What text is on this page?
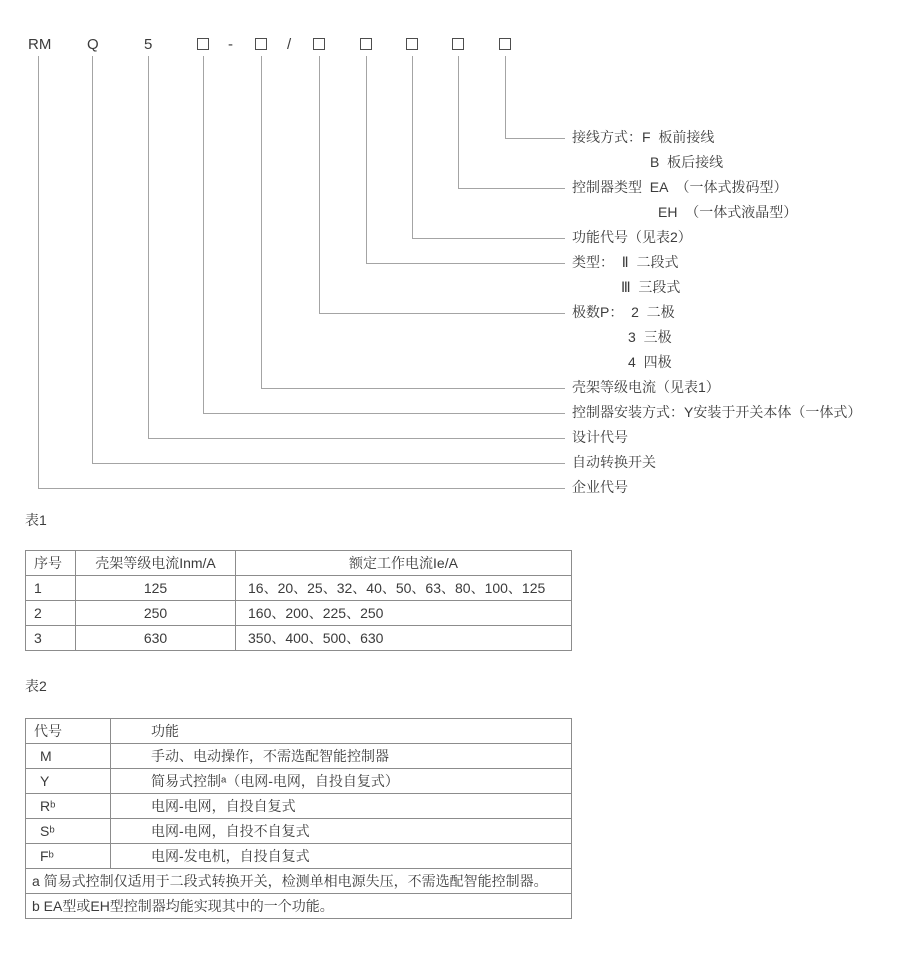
RM Q	5	-	/
接线方式：F  板前接线
B  板后接线
控制器类型  EA  （一体式拨码型）
EH  （一体式液晶型）
功能代号（见表2）
类型：  Ⅱ  二段式
Ⅲ  三段式
极数P：  2  二极
3  三极
4  四极
壳架等级电流（见表1）
控制器安装方式：Y安装于开关本体（一体式）
设计代号
自动转换开关
企业代号
表1
序号	壳架等级电流Inm/A	额定工作电流Ie/A
1	125	16、20、25、32、40、50、63、80、100、125
2	250	160、200、225、250
3	630	350、400、500、630
表2
代号	功能
M	手动、电动操作，不需选配智能控制器
Y	简易式控制ᵃ（电网-电网，自投自复式）
Rᵇ	电网-电网，自投自复式
Sᵇ	电网-电网，自投不自复式
Fᵇ	电网-发电机，自投自复式
a 简易式控制仅适用于二段式转换开关，检测单相电源失压，不需选配智能控制器。	
b EA型或EH型控制器均能实现其中的一个功能。	
